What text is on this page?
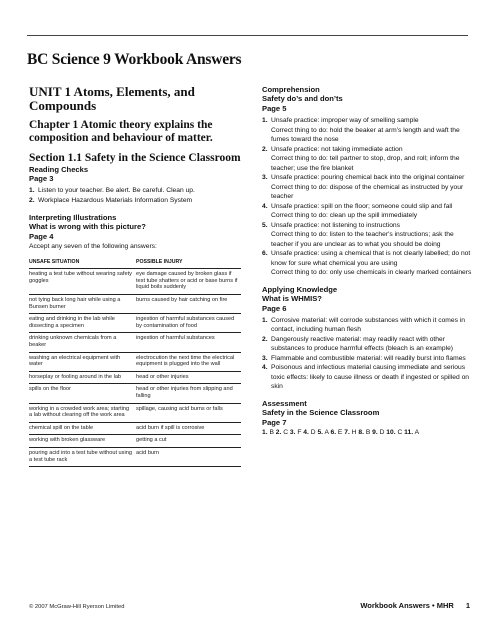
BC Science 9 Workbook Answers
UNIT 1 Atoms, Elements, and Compounds
Chapter 1 Atomic theory explains the composition and behaviour of matter.
Section 1.1 Safety in the Science Classroom
Reading Checks
Page 3
1. Listen to your teacher. Be alert. Be careful. Clean up.
2. Workplace Hazardous Materials Information System
Interpreting Illustrations
What is wrong with this picture?
Page 4
Accept any seven of the following answers:
UNSAFE SITUATION	POSSIBLE INJURY
heating a test tube without wearing safety goggles	eye damage caused by broken glass if test tube shatters or acid or base burns if liquid boils suddenly
not tying back long hair while using a Bunsen burner	burns caused by hair catching on fire
eating and drinking in the lab while dissecting a specimen	ingestion of harmful substances caused by contamination of food
drinking unknown chemicals from a beaker	ingestion of harmful substances
washing an electrical equipment with water	electrocution the next time the electrical equipment is plugged into the wall
horseplay or fooling around in the lab	head or other injuries
spills on the floor	head or other injuries from slipping and falling
working in a crowded work area; starting a lab without clearing off the work area	spillage, causing acid burns or falls
chemical spill on the table	acid burn if spill is corrosive
working with broken glassware	getting a cut
pouring acid into a test tube without using a test tube rack	acid burn
Comprehension
Safety do’s and don’ts
Page 5
1. Unsafe practice: improper way of smelling sample
Correct thing to do: hold the beaker at arm’s length and waft the fumes toward the nose
2. Unsafe practice: not taking immediate action
Correct thing to do: tell partner to stop, drop, and roll; inform the teacher; use the fire blanket
3. Unsafe practice: pouring chemical back into the original container
Correct thing to do: dispose of the chemical as instructed by your teacher
4. Unsafe practice: spill on the floor; someone could slip and fall
Correct thing to do: clean up the spill immediately
5. Unsafe practice: not listening to instructions
Correct thing to do: listen to the teacher's instructions; ask the teacher if you are unclear as to what you should be doing
6. Unsafe practice: using a chemical that is not clearly labelled; do not know for sure what chemical you are using
Correct thing to do: only use chemicals in clearly marked containers
Applying Knowledge
What is WHMIS?
Page 6
1. Corrosive material: will corrode substances with which it comes in contact, including human flesh
2. Dangerously reactive material: may readily react with other substances to produce harmful effects (bleach is an example)
3. Flammable and combustible material: will readily burst into flames
4. Poisonous and infectious material causing immediate and serious toxic effects: likely to cause illness or death if ingested or spilled on skin
Assessment
Safety in the Science Classroom
Page 7
1. B 2. C 3. F 4. D 5. A 6. E 7. H 8. B 9. D 10. C 11. A
© 2007 McGraw-Hill Ryerson Limited	Workbook Answers • MHR 1
